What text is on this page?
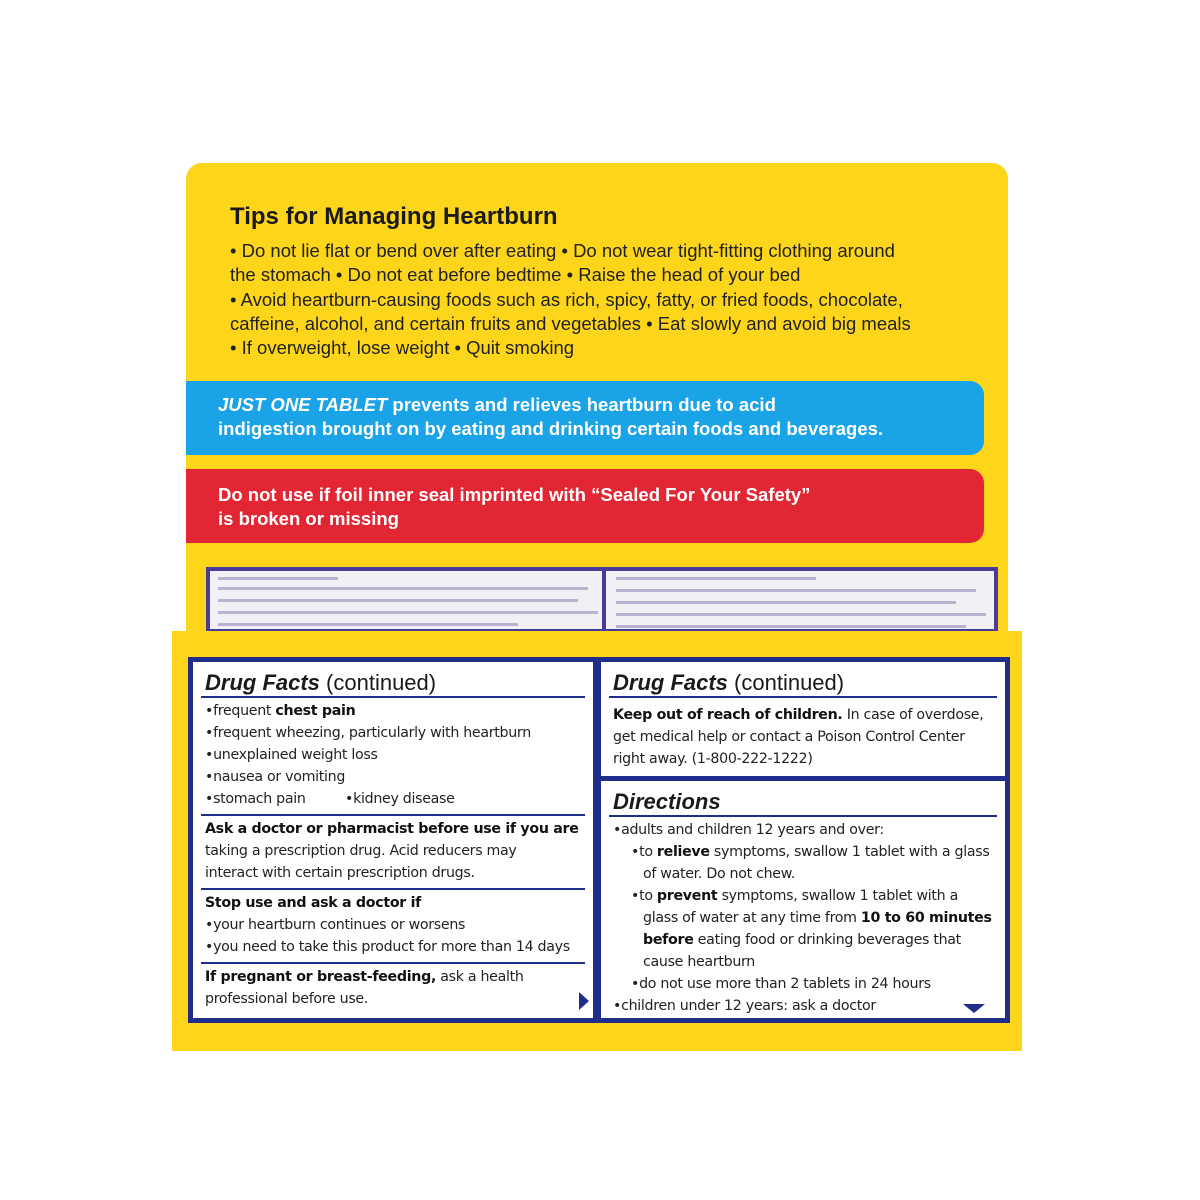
Tips for Managing Heartburn
• Do not lie flat or bend over after eating • Do not wear tight-fitting clothing around
the stomach • Do not eat before bedtime • Raise the head of your bed
• Avoid heartburn-causing foods such as rich, spicy, fatty, or fried foods, chocolate,
caffeine, alcohol, and certain fruits and vegetables • Eat slowly and avoid big meals
• If overweight, lose weight • Quit smoking
JUST ONE TABLET prevents and relieves heartburn due to acid
indigestion brought on by eating and drinking certain foods and beverages.
Do not use if foil inner seal imprinted with “Sealed For Your Safety”
is broken or missing
Drug Facts (continued)
•frequent chest pain
•frequent wheezing, particularly with heartburn
•unexplained weight loss
•nausea or vomiting
•stomach pain	•kidney disease
Ask a doctor or pharmacist before use if you are
taking a prescription drug. Acid reducers may
interact with certain prescription drugs.
Stop use and ask a doctor if
•your heartburn continues or worsens
•you need to take this product for more than 14 days
If pregnant or breast-feeding, ask a health
professional before use.
Drug Facts (continued)
Keep out of reach of children. In case of overdose,
get medical help or contact a Poison Control Center
right away. (1-800-222-1222)
Directions
•adults and children 12 years and over:
•to relieve symptoms, swallow 1 tablet with a glass
of water. Do not chew.
•to prevent symptoms, swallow 1 tablet with a
glass of water at any time from 10 to 60 minutes
before eating food or drinking beverages that
cause heartburn
•do not use more than 2 tablets in 24 hours
•children under 12 years: ask a doctor
